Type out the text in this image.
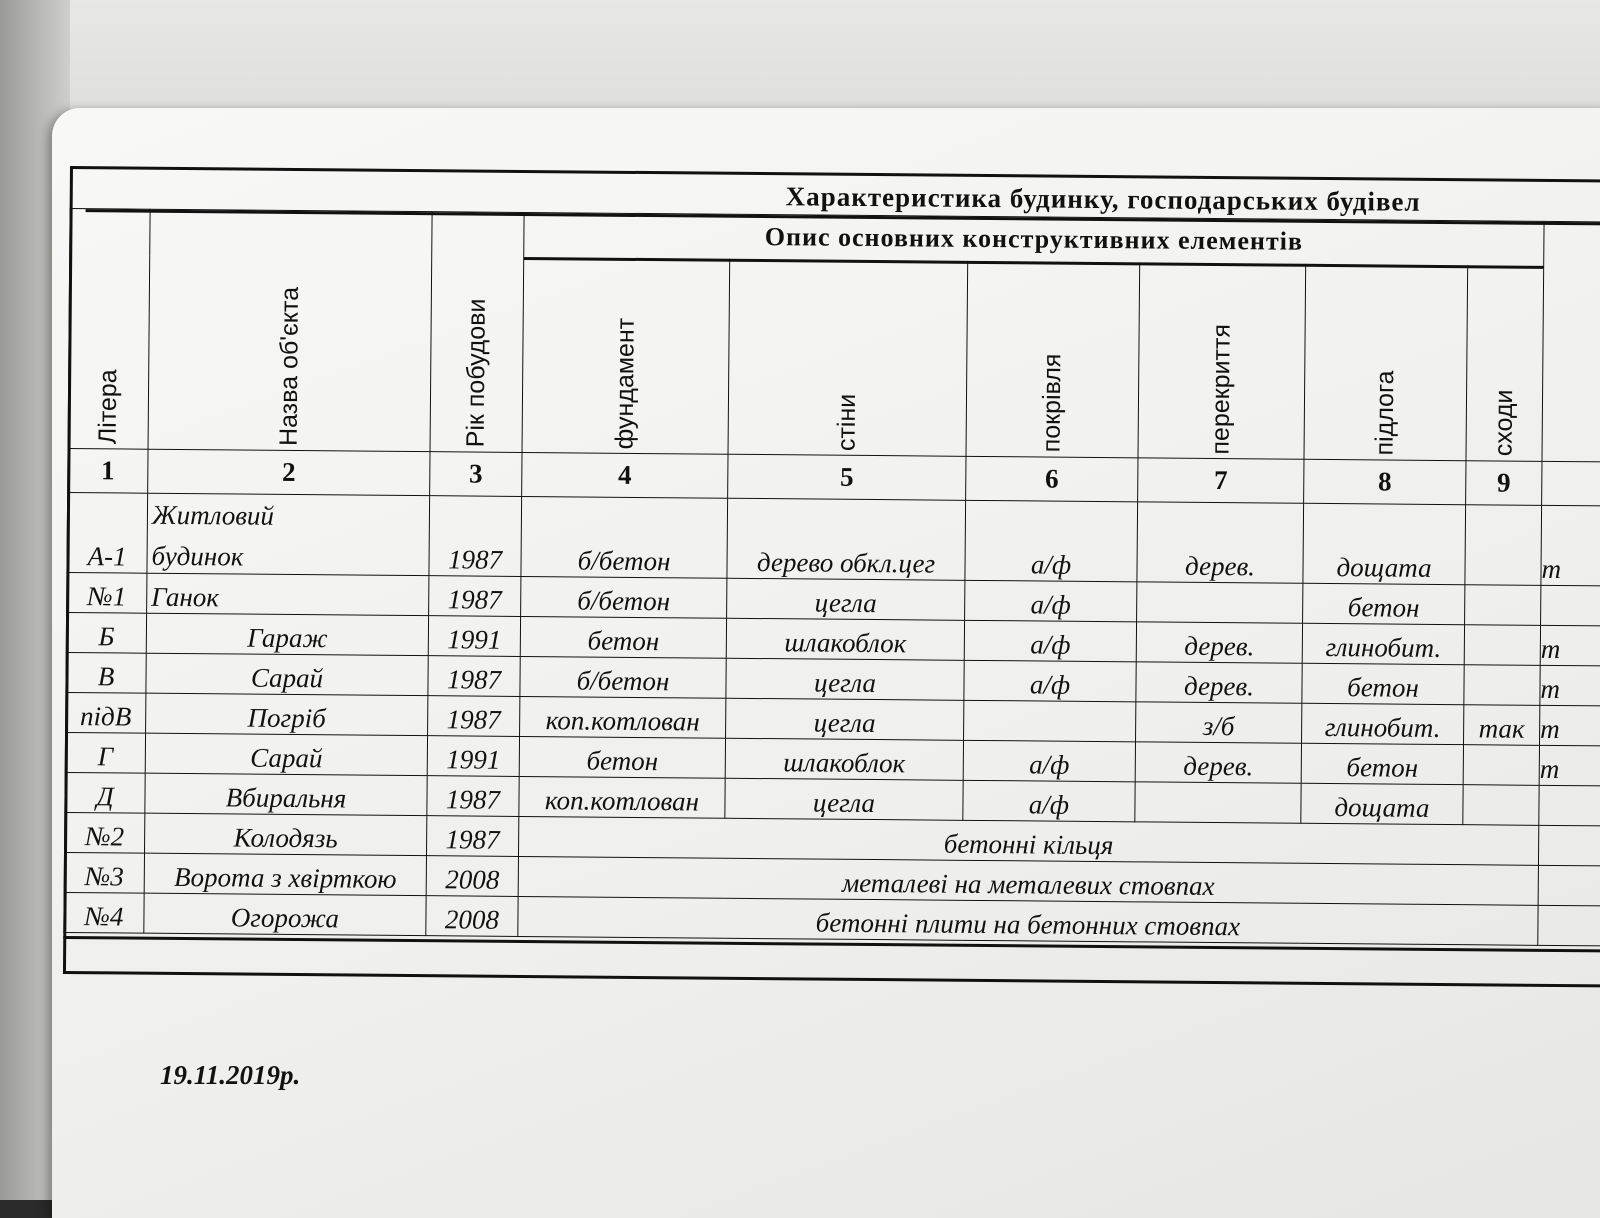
Характеристика будинку, господарських будівел
Літера	Назва об'єкта	Рік побудови	Опис основних конструктивних елементів						

			фундамент	стіни	покрівля	перекриття	підлога	сходи	

1	2	3	4	5	6	7	8	9	
А-1	Житловий
будинок	1987	б/бетон	дерево обкл.цег	а/ф	дерев.	дощата		т
№1	Ганок	1987	б/бетон	цегла	а/ф		бетон		
Б	Гараж	1991	бетон	шлакоблок	а/ф	дерев.	глинобит.		т
В	Сарай	1987	б/бетон	цегла	а/ф	дерев.	бетон		т
підВ	Погріб	1987	коп.котлован	цегла		з/б	глинобит.	так	т
Г	Сарай	1991	бетон	шлакоблок	а/ф	дерев.	бетон		т
Д	Вбиральня	1987	коп.котлован	цегла	а/ф		дощата		
№2	Колодязь	1987	бетонні кільця						
№3	Ворота з хвірткою	2008	металеві на металевих стовпах						
№4	Огорожа	2008	бетонні плити на бетонних стовпах						
19.11.2019р.
